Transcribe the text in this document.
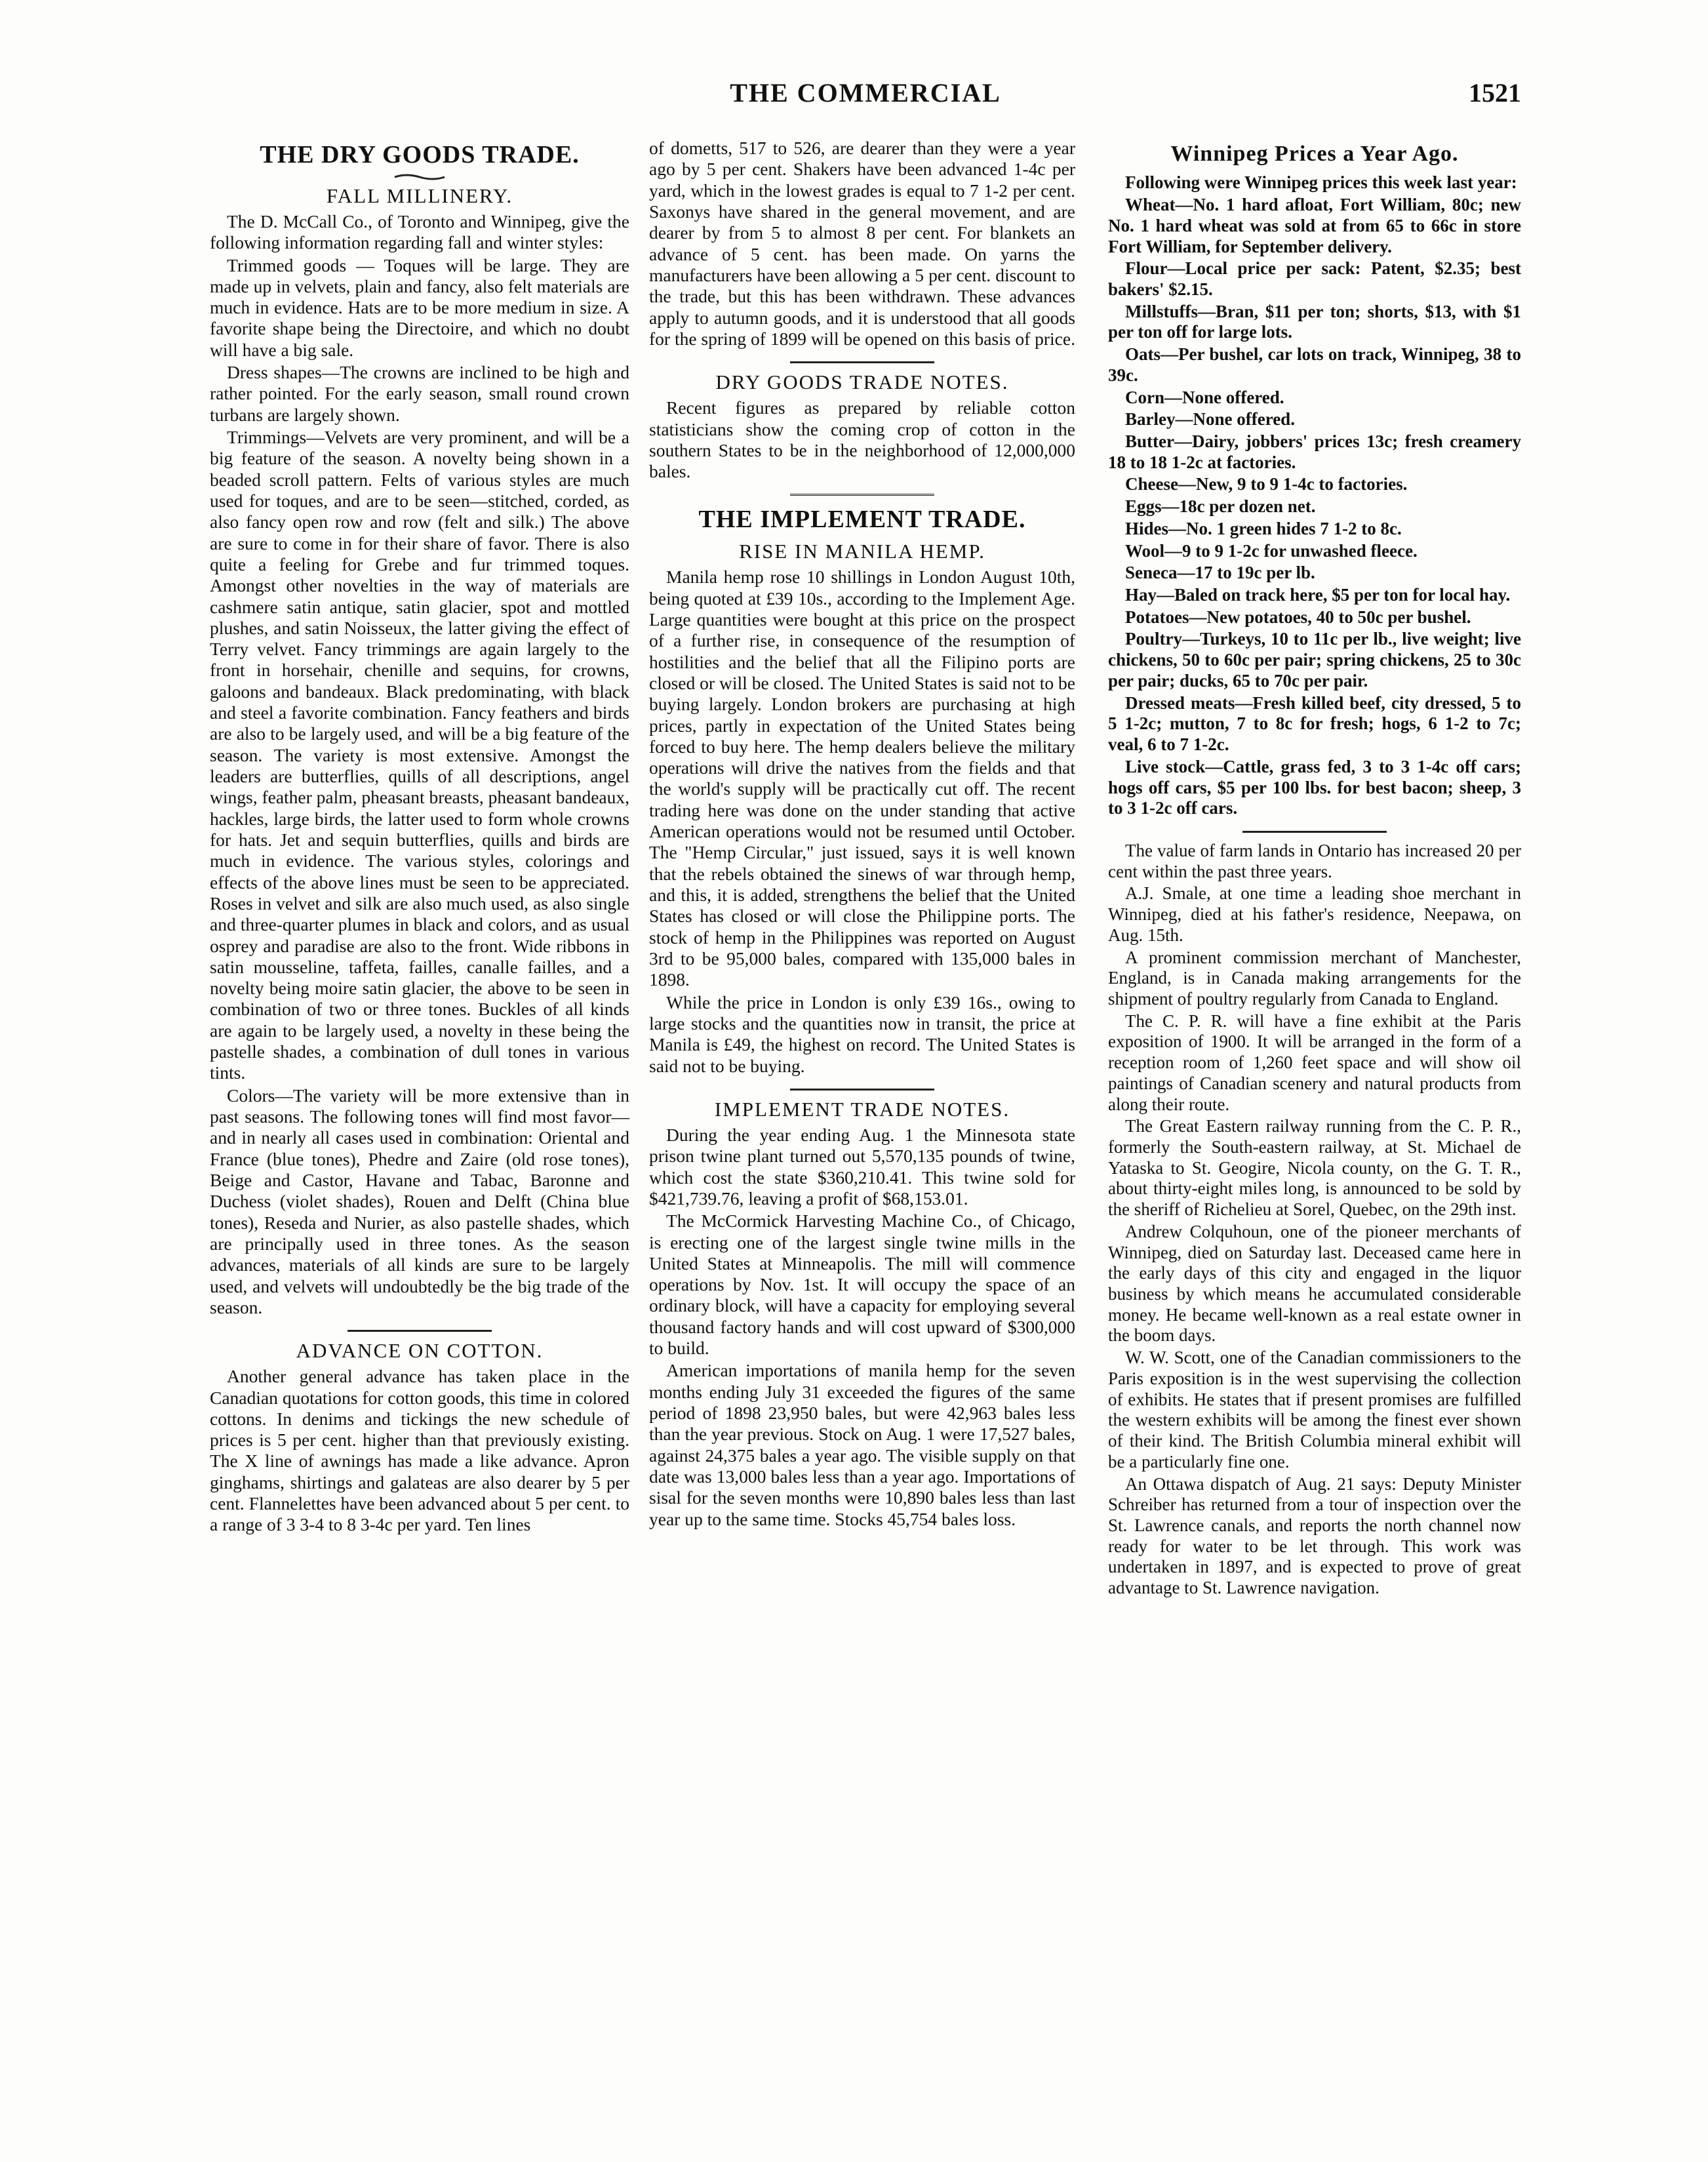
THE COMMERCIAL	1521
THE DRY GOODS TRADE.
FALL MILLINERY.

The D. McCall Co., of Toronto and Winnipeg, give the following information regarding fall and winter styles:

Trimmed goods — Toques will be large. They are made up in velvets, plain and fancy, also felt materials are much in evidence. Hats are to be more medium in size. A favorite shape being the Directoire, and which no doubt will have a big sale.

Dress shapes—The crowns are inclined to be high and rather pointed. For the early season, small round crown turbans are largely shown.

Trimmings—Velvets are very prominent, and will be a big feature of the season. A novelty being shown in a beaded scroll pattern. Felts of various styles are much used for toques, and are to be seen—stitched, corded, as also fancy open row and row (felt and silk.) The above are sure to come in for their share of favor. There is also quite a feeling for Grebe and fur trimmed toques. Amongst other novelties in the way of materials are cashmere satin antique, satin glacier, spot and mottled plushes, and satin Noisseux, the latter giving the effect of Terry velvet. Fancy trimmings are again largely to the front in horsehair, chenille and sequins, for crowns, galoons and bandeaux. Black predominating, with black and steel a favorite combination. Fancy feathers and birds are also to be largely used, and will be a big feature of the season. The variety is most extensive. Amongst the leaders are butterflies, quills of all descriptions, angel wings, feather palm, pheasant breasts, pheasant bandeaux, hackles, large birds, the latter used to form whole crowns for hats. Jet and sequin butterflies, quills and birds are much in evidence. The various styles, colorings and effects of the above lines must be seen to be appreciated. Roses in velvet and silk are also much used, as also single and three-quarter plumes in black and colors, and as usual osprey and paradise are also to the front. Wide ribbons in satin mousseline, taffeta, failles, canalle failles, and a novelty being moire satin glacier, the above to be seen in combination of two or three tones. Buckles of all kinds are again to be largely used, a novelty in these being the pastelle shades, a combination of dull tones in various tints.

Colors—The variety will be more extensive than in past seasons. The following tones will find most favor—and in nearly all cases used in combination: Oriental and France (blue tones), Phedre and Zaire (old rose tones), Beige and Castor, Havane and Tabac, Baronne and Duchess (violet shades), Rouen and Delft (China blue tones), Reseda and Nurier, as also pastelle shades, which are principally used in three tones. As the season advances, materials of all kinds are sure to be largely used, and velvets will undoubtedly be the big trade of the season.

ADVANCE ON COTTON.

Another general advance has taken place in the Canadian quotations for cotton goods, this time in colored cottons. In denims and tickings the new schedule of prices is 5 per cent. higher than that previously existing. The X line of awnings has made a like advance. Apron ginghams, shirtings and galateas are also dearer by 5 per cent. Flannelettes have been advanced about 5 per cent. to a range of 3 3-4 to 8 3-4c per yard. Ten lines

of dometts, 517 to 526, are dearer than they were a year ago by 5 per cent. Shakers have been advanced 1-4c per yard, which in the lowest grades is equal to 7 1-2 per cent. Saxonys have shared in the general movement, and are dearer by from 5 to almost 8 per cent. For blankets an advance of 5 cent. has been made. On yarns the manufacturers have been allowing a 5 per cent. discount to the trade, but this has been withdrawn. These advances apply to autumn goods, and it is understood that all goods for the spring of 1899 will be opened on this basis of price.

DRY GOODS TRADE NOTES.

Recent figures as prepared by reliable cotton statisticians show the coming crop of cotton in the southern States to be in the neighborhood of 12,000,000 bales.

THE IMPLEMENT TRADE.
RISE IN MANILA HEMP.

Manila hemp rose 10 shillings in London August 10th, being quoted at £39 10s., according to the Implement Age. Large quantities were bought at this price on the prospect of a further rise, in consequence of the resumption of hostilities and the belief that all the Filipino ports are closed or will be closed. The United States is said not to be buying largely. London brokers are purchasing at high prices, partly in expectation of the United States being forced to buy here. The hemp dealers believe the military operations will drive the natives from the fields and that the world's supply will be practically cut off. The recent trading here was done on the under standing that active American operations would not be resumed until October. The "Hemp Circular," just issued, says it is well known that the rebels obtained the sinews of war through hemp, and this, it is added, strengthens the belief that the United States has closed or will close the Philippine ports. The stock of hemp in the Philippines was reported on August 3rd to be 95,000 bales, compared with 135,000 bales in 1898.

While the price in London is only £39 16s., owing to large stocks and the quantities now in transit, the price at Manila is £49, the highest on record. The United States is said not to be buying.

IMPLEMENT TRADE NOTES.

During the year ending Aug. 1 the Minnesota state prison twine plant turned out 5,570,135 pounds of twine, which cost the state $360,210.41. This twine sold for $421,739.76, leaving a profit of $68,153.01.

The McCormick Harvesting Machine Co., of Chicago, is erecting one of the largest single twine mills in the United States at Minneapolis. The mill will commence operations by Nov. 1st. It will occupy the space of an ordinary block, will have a capacity for employing several thousand factory hands and will cost upward of $300,000 to build.

American importations of manila hemp for the seven months ending July 31 exceeded the figures of the same period of 1898 23,950 bales, but were 42,963 bales less than the year previous. Stock on Aug. 1 were 17,527 bales, against 24,375 bales a year ago. The visible supply on that date was 13,000 bales less than a year ago. Importations of sisal for the seven months were 10,890 bales less than last year up to the same time. Stocks 45,754 bales loss.

Winnipeg Prices a Year Ago.

Following were Winnipeg prices this week last year:

Wheat—No. 1 hard afloat, Fort William, 80c; new No. 1 hard wheat was sold at from 65 to 66c in store Fort William, for September delivery.

Flour—Local price per sack: Patent, $2.35; best bakers' $2.15.

Millstuffs—Bran, $11 per ton; shorts, $13, with $1 per ton off for large lots.

Oats—Per bushel, car lots on track, Winnipeg, 38 to 39c.

Corn—None offered.

Barley—None offered.

Butter—Dairy, jobbers' prices 13c; fresh creamery 18 to 18 1-2c at factories.

Cheese—New, 9 to 9 1-4c to factories.

Eggs—18c per dozen net.

Hides—No. 1 green hides 7 1-2 to 8c.

Wool—9 to 9 1-2c for unwashed fleece.

Seneca—17 to 19c per lb.

Hay—Baled on track here, $5 per ton for local hay.

Potatoes—New potatoes, 40 to 50c per bushel.

Poultry—Turkeys, 10 to 11c per lb., live weight; live chickens, 50 to 60c per pair; spring chickens, 25 to 30c per pair; ducks, 65 to 70c per pair.

Dressed meats—Fresh killed beef, city dressed, 5 to 5 1-2c; mutton, 7 to 8c for fresh; hogs, 6 1-2 to 7c; veal, 6 to 7 1-2c.

Live stock—Cattle, grass fed, 3 to 3 1-4c off cars; hogs off cars, $5 per 100 lbs. for best bacon; sheep, 3 to 3 1-2c off cars.

The value of farm lands in Ontario has increased 20 per cent within the past three years.

A.J. Smale, at one time a leading shoe merchant in Winnipeg, died at his father's residence, Neepawa, on Aug. 15th.

A prominent commission merchant of Manchester, England, is in Canada making arrangements for the shipment of poultry regularly from Canada to England.

The C. P. R. will have a fine exhibit at the Paris exposition of 1900. It will be arranged in the form of a reception room of 1,260 feet space and will show oil paintings of Canadian scenery and natural products from along their route.

The Great Eastern railway running from the C. P. R., formerly the South-eastern railway, at St. Michael de Yataska to St. Geogire, Nicola county, on the G. T. R., about thirty-eight miles long, is announced to be sold by the sheriff of Richelieu at Sorel, Quebec, on the 29th inst.

Andrew Colquhoun, one of the pioneer merchants of Winnipeg, died on Saturday last. Deceased came here in the early days of this city and engaged in the liquor business by which means he accumulated considerable money. He became well-known as a real estate owner in the boom days.

W. W. Scott, one of the Canadian commissioners to the Paris exposition is in the west supervising the collection of exhibits. He states that if present promises are fulfilled the western exhibits will be among the finest ever shown of their kind. The British Columbia mineral exhibit will be a particularly fine one.

An Ottawa dispatch of Aug. 21 says: Deputy Minister Schreiber has returned from a tour of inspection over the St. Lawrence canals, and reports the north channel now ready for water to be let through. This work was undertaken in 1897, and is expected to prove of great advantage to St. Lawrence navigation.
